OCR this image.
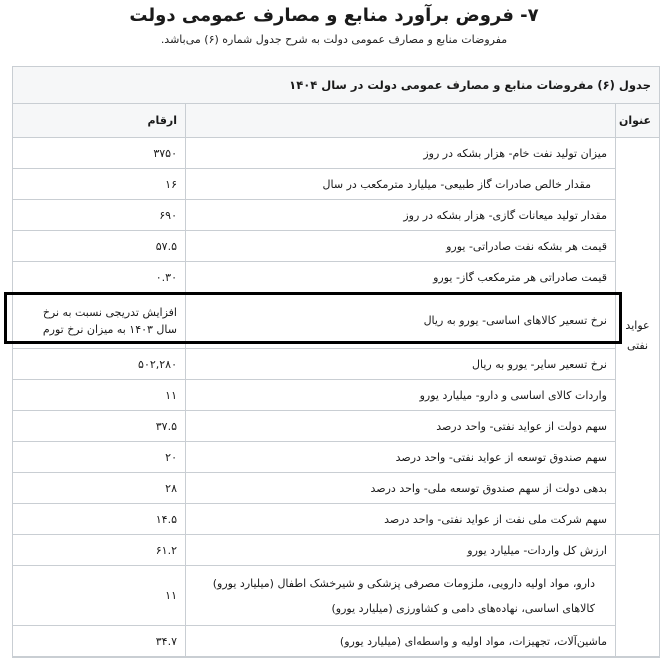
۷- فروض برآورد منابع و مصارف عمومی دولت
مفروضات منابع و مصارف عمومی دولت به شرح جدول شماره (۶) می‌باشد.
جدول (۶) مفروضات منابع و مصارف عمومی دولت در سال ۱۴۰۴
عنوان
ارقام
عواید نفتی
میزان تولید نفت خام- هزار بشکه در روز
۳۷۵۰
مقدار خالص صادرات گاز طبیعی- میلیارد مترمکعب در سال
۱۶
مقدار تولید میعانات گازی- هزار بشکه در روز
۶۹۰
قیمت هر بشکه نفت صادراتی- یورو
۵۷.۵
قیمت صادراتی هر مترمکعب گاز- یورو
۰.۳۰
نرخ تسعیر کالاهای اساسی- یورو به ریال
افزایش تدریجی نسبت به نرخ
سال ۱۴۰۳ به میزان نرخ تورم
نرخ تسعیر سایر- یورو به ریال
۵۰۲,۲۸۰
واردات کالای اساسی و دارو- میلیارد یورو
۱۱
سهم دولت از عواید نفتی- واحد درصد
۳۷.۵
سهم صندوق توسعه از عواید نفتی- واحد درصد
۲۰
بدهی دولت از سهم صندوق توسعه ملی- واحد درصد
۲۸
سهم شرکت ملی نفت از عواید نفتی- واحد درصد
۱۴.۵
ارزش کل واردات- میلیارد یورو
۶۱.۲
دارو، مواد اولیه دارویی، ملزومات مصرفی پزشکی و شیرخشک اطفال (میلیارد یورو)
کالاهای اساسی، نهاده‌های دامی و کشاورزی (میلیارد یورو)
۱۱
ماشین‌آلات، تجهیزات، مواد اولیه و واسطه‌ای (میلیارد یورو)
۳۴.۷
